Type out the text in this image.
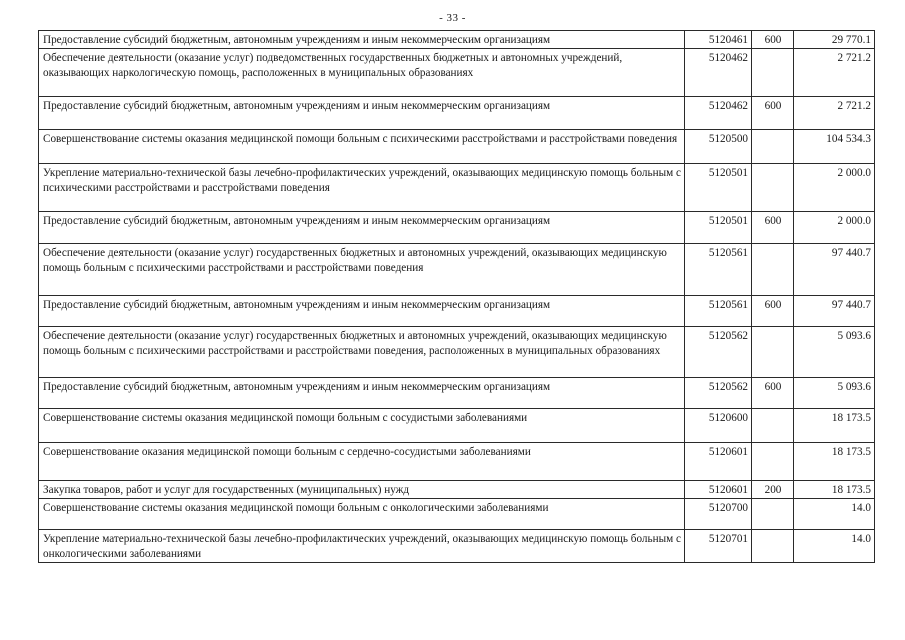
- 33 -
Предоставление субсидий бюджетным, автономным учреждениям и иным некоммерческим организациям	5120461	600	29 770.1
Обеспечение деятельности (оказание услуг) подведомственных государственных бюджетных и автономных учреждений, оказывающих наркологическую помощь, расположенных в муниципальных образованиях	5120462		2 721.2
Предоставление субсидий бюджетным, автономным учреждениям и иным некоммерческим организациям	5120462	600	2 721.2
Совершенствование системы оказания медицинской помощи больным с психическими расстройствами и расстройствами поведения	5120500		104 534.3
Укрепление материально-технической базы лечебно-профилактических учреждений, оказывающих медицинскую помощь больным с психическими расстройствами и расстройствами поведения	5120501		2 000.0
Предоставление субсидий бюджетным, автономным учреждениям и иным некоммерческим организациям	5120501	600	2 000.0
Обеспечение деятельности (оказание услуг) государственных бюджетных и автономных учреждений, оказывающих медицинскую помощь больным с психическими расстройствами и расстройствами поведения	5120561		97 440.7
Предоставление субсидий бюджетным, автономным учреждениям и иным некоммерческим организациям	5120561	600	97 440.7
Обеспечение деятельности (оказание услуг) государственных бюджетных и автономных учреждений, оказывающих медицинскую помощь больным с психическими расстройствами и расстройствами поведения, расположенных в муниципальных образованиях	5120562		5 093.6
Предоставление субсидий бюджетным, автономным учреждениям и иным некоммерческим организациям	5120562	600	5 093.6
Совершенствование системы оказания медицинской помощи больным с сосудистыми заболеваниями	5120600		18 173.5
Совершенствование оказания медицинской помощи больным с сердечно-сосудистыми заболеваниями	5120601		18 173.5
Закупка товаров, работ и услуг для государственных (муниципальных) нужд	5120601	200	18 173.5
Совершенствование системы оказания медицинской помощи больным с онкологическими заболеваниями	5120700		14.0
Укрепление материально-технической базы лечебно-профилактических учреждений, оказывающих медицинскую помощь больным с онкологическими заболеваниями	5120701		14.0
